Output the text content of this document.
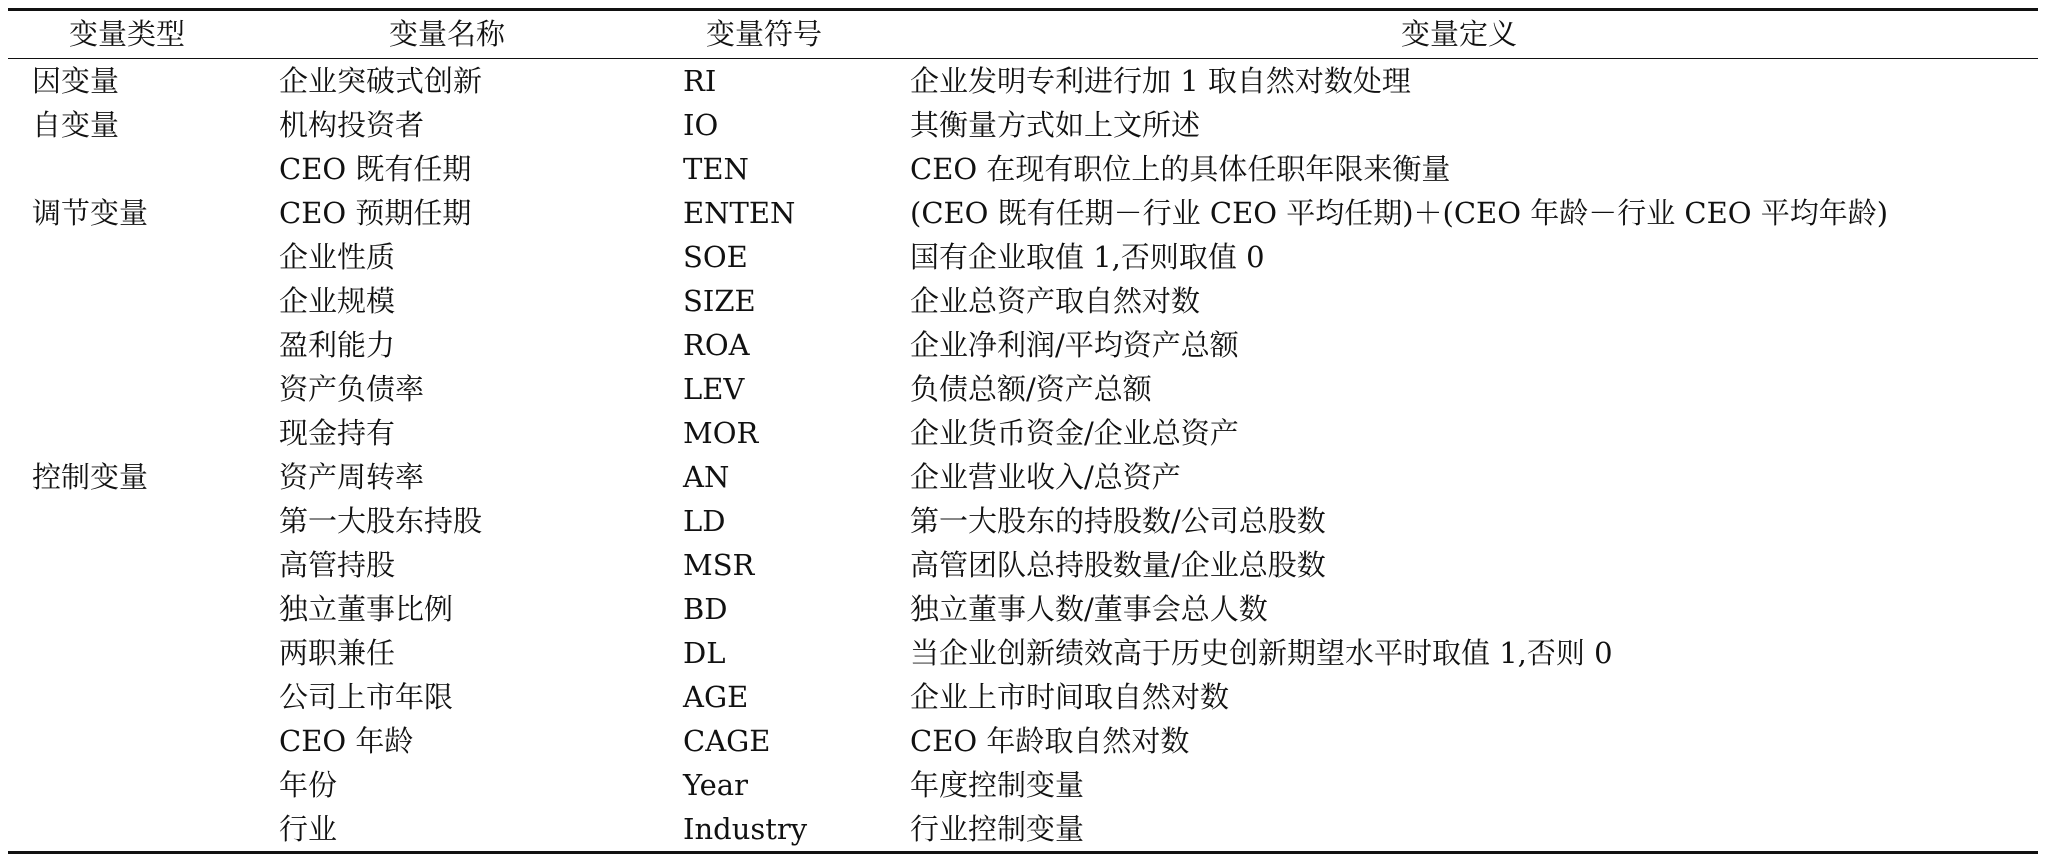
变量类型	变量名称	变量符号	变量定义
因变量	企业突破式创新	RI	企业发明专利进行加 1 取自然对数处理
自变量	机构投资者	IO	其衡量方式如上文所述
	CEO 既有任期	TEN	CEO 在现有职位上的具体任职年限来衡量
调节变量	CEO 预期任期	ENTEN	(CEO 既有任期－行业 CEO 平均任期)＋(CEO 年龄－行业 CEO 平均年龄)
	企业性质	SOE	国有企业取值 1,否则取值 0
	企业规模	SIZE	企业总资产取自然对数
	盈利能力	ROA	企业净利润/平均资产总额
	资产负债率	LEV	负债总额/资产总额
	现金持有	MOR	企业货币资金/企业总资产
控制变量	资产周转率	AN	企业营业收入/总资产
	第一大股东持股	LD	第一大股东的持股数/公司总股数
	高管持股	MSR	高管团队总持股数量/企业总股数
	独立董事比例	BD	独立董事人数/董事会总人数
	两职兼任	DL	当企业创新绩效高于历史创新期望水平时取值 1,否则 0
	公司上市年限	AGE	企业上市时间取自然对数
	CEO 年龄	CAGE	CEO 年龄取自然对数
	年份	Year	年度控制变量
	行业	Industry	行业控制变量
